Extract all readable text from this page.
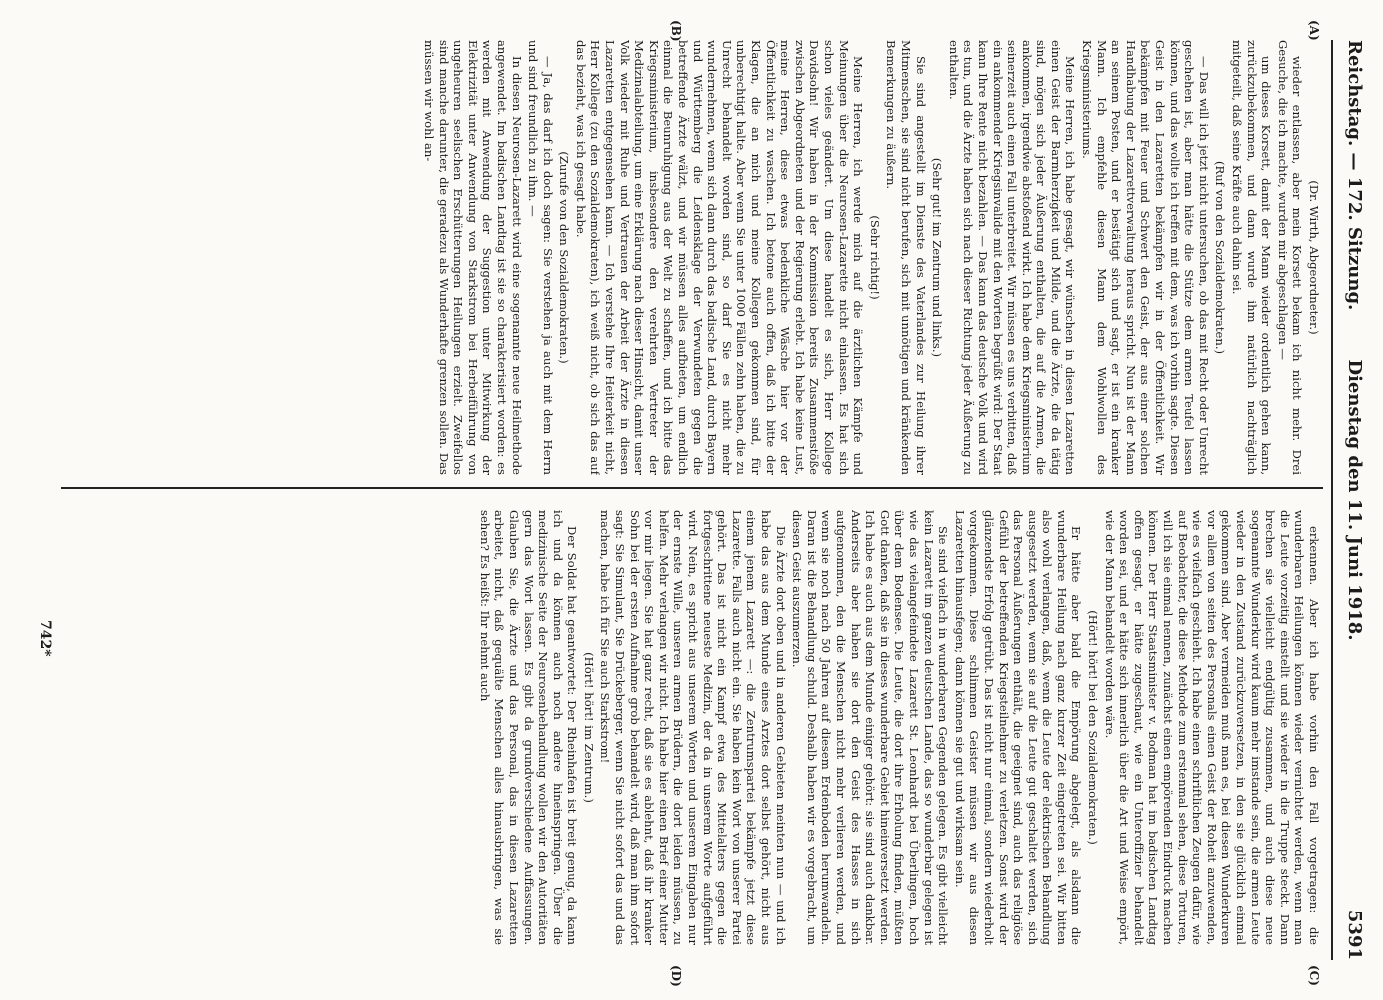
Reichstag. — 172. Sitzung.
Dienstag den 11. Juni 1918.
5391
(A)
(B)
(C)
(D)

(Dr. Wirth, Abgeordneter.)

wieder entlassen, aber mein Korsett bekam ich nicht mehr. Drei Gesuche, die ich machte, wurden mir abgeschlagen —

um dieses Korsett, damit der Mann wieder ordentlich gehen kann, zurückzubekommen, und dann wurde ihm natürlich nachträglich mitgeteilt, daß seine Kräfte auch dahin sei.

(Ruf von den Sozialdemokraten.)

— Das will ich jetzt nicht untersuchen, ob das mit Recht oder Unrecht geschehen ist, aber man hätte die Stütze dem armen Teufel lassen können, und das wollte ich treffen mit dem, was ich vorhin sagte. Diesen Geist in den Lazaretten bekämpfen wir in der Öffentlichkeit. Wir bekämpfen mit Feuer und Schwert den Geist, der aus einer solchen Handhabung der Lazarettverwaltung heraus spricht. Nun ist der Mann an seinem Posten, und er bestätigt sich und sagt, er ist ein kranker Mann. Ich empfehle diesen Mann dem Wohlwollen des Kriegsministeriums.

Meine Herren, ich habe gesagt, wir wünschen in diesen Lazaretten einen Geist der Barmherzigkeit und Milde, und die Ärzte, die da tätig sind, mögen sich jeder Äußerung enthalten, die auf die Armen, die ankommen, irgendwie abstoßend wirkt. Ich habe dem Kriegsministerium seinerzeit auch einen Fall unterbreitet. Wir müssen es uns verbitten, daß ein ankommender Kriegsinvalide mit den Worten begrüßt wird: Der Staat kann Ihre Rente nicht bezahlen. — Das kann das deutsche Volk und wird es tun, und die Ärzte haben sich nach dieser Richtung jeder Äußerung zu enthalten.

(Sehr gut! im Zentrum und links.)

Sie sind angestellt im Dienste des Vaterlandes zur Heilung ihrer Mitmenschen, sie sind nicht berufen, sich mit unnötigen und kränkenden Bemerkungen zu äußern.

(Sehr richtig!)

Meine Herren, ich werde mich auf die ärztlichen Kämpfe und Meinungen über die Neurosen-Lazarette nicht einlassen. Es hat sich schon vieles geändert. Um diese handelt es sich, Herr Kollege Davidsohn! Wir haben in der Kommission bereits Zusammenstöße zwischen Abgeordneten und der Regierung erlebt. Ich habe keine Lust, meine Herren, diese etwas bedenkliche Wäsche hier vor der Öffentlichkeit zu waschen. Ich betone auch offen, daß ich bitte der Klagen, die an mich und meine Kollegen gekommen sind, für unberechtigt halte. Aber wenn Sie unter 1000 Fällen zehn haben, die zu Unrecht behandelt worden sind, so darf Sie es nicht mehr wundernehmen, wenn sich dann durch das badische Land, durch Bayern und Württemberg die Leidensklage der Verwundeten gegen die betreffende Ärzte wälzt, und wir müssen alles aufbieten, um endlich einmal die Beunruhigung aus der Welt zu schaffen, und ich bitte das Kriegsministerium, insbesondere den verehrten Vertreter der Medizinalabteilung, um eine Erklärung nach dieser Hinsicht, damit unser Volk wieder mit Ruhe und Vertrauen der Arbeit der Ärzte in diesen Lazaretten entgegensehen kann. — Ich verstehe Ihre Heiterkeit nicht, Herr Kollege (zu den Sozialdemokraten), ich weiß nicht, ob sich das auf das bezieht, was ich gesagt habe.

(Zurufe von den Sozialdemokraten.)

— Ja, das darf ich doch sagen: Sie verstehen ja auch mit dem Herrn und sind freundlich zu ihm. —

In diesen Neurosen-Lazarett wird eine sogenannte neue Heilmethode angewendet. Im badischen Landtag ist sie so charakterisiert worden: es werden mit Anwendung der Suggestion unter Mitwirkung der Elektrizität unter Anwendung von Starkstrom bei Herbeiführung von ungeheuren seelischen Erschütterungen Heilungen erzielt. Zweifellos sind manche darunter, die geradezu als Wunderhafte grenzen sollen. Das müssen wir wohl an-

erkennen. Aber ich habe vorhin den Fall vorgetragen: die wunderbaren Heilungen können wieder vernichtet werden, wenn man die Leute vorzeitig einstellt und sie wieder in die Truppe steckt. Dann brechen sie vielleicht endgültig zusammen, und auch diese neue sogenannte Wunderkur wird kaum mehr imstande sein, die armen Leute wieder in den Zustand zurückzuversetzen, in den sie glücklich einmal gekommen sind. Aber vermeiden muß man es, bei diesen Wunderkuren vor allem von seiten des Personals einen Geist der Roheit anzuwenden, wie es vielfach geschieht. Ich habe einen schriftlichen Zeugen dafür, wie auf Beobachter, die diese Methode zum erstenmal sehen, diese Torturen, will ich sie einmal nennen, zunächst einen empörenden Eindruck machen können. Der Herr Staatsminister v. Bodman hat im badischen Landtag offen gesagt, er hätte zugeschaut, wie ein Unteroffizier behandelt worden sei, und er hätte sich innerlich über die Art und Weise empört, wie der Mann behandelt worden wäre.

(Hört! hört! bei den Sozialdemokraten.)

Er hätte aber bald die Empörung abgelegt, als alsdann die wunderbare Heilung nach ganz kurzer Zeit eingetreten sei. Wir bitten also wohl verlangen, daß, wenn die Leute der elektrischen Behandlung ausgesetzt werden, wenn sie auf die Leute gut geschaltet werden, sich das Personal Äußerungen enthält, die geeignet sind, auch das religiöse Gefühl der betreffenden Kriegsteilnehmer zu verletzen. Sonst wird der glänzendste Erfolg getrübt. Das ist nicht nur einmal, sondern wiederholt vorgekommen. Diese schlimmen Geister müssen wir aus diesen Lazaretten hinausfegen; dann können sie gut und wirksam sein.

Sie sind vielfach in wunderbaren Gegenden gelegen. Es gibt vielleicht kein Lazarett im ganzen deutschen Lande, das so wunderbar gelegen ist wie das vielangefeindete Lazarett St. Leonhardt bei Überlingen, hoch über dem Bodensee. Die Leute, die dort ihre Erholung finden, müßten Gott danken, daß sie in dieses wunderbare Gebiet hineinversetzt werden. Ich habe es auch aus dem Munde einiger gehört: sie sind auch dankbar. Anderseits aber haben sie dort den Geist des Hasses in sich aufgenommen, den die Menschen nicht mehr verlieren werden, und wenn sie noch nach 50 Jahren auf diesem Erdenboden herumwandeln. Daran ist die Behandlung schuld. Deshalb haben wir es vorgebracht, um diesen Geist auszumerzen.

Die Ärzte dort oben und in anderen Gebieten meinten nun — und ich habe das aus dem Munde eines Arztes dort selbst gehört, nicht aus einem jenem Lazarett —: die Zentrumspartei bekämpfe jetzt diese Lazarette. Falls auch nicht ein. Sie haben kein Wort von unserer Partei gehört. Das ist nicht ein Kampf etwa des Mittelalters gegen die fortgeschrittene neueste Medizin, der da in unserem Worte aufgeführt wird. Nein, es spricht aus unserem Worten und unserem Eingaben nur der ernste Wille, unseren armen Brüdern, die dort leiden müssen, zu helfen. Mehr verlangen wir nicht. Ich habe hier einen Brief einer Mutter vor mir liegen. Sie hat ganz recht, daß sie es ablehnt, daß ihr kranker Sohn bei der ersten Aufnahme grob behandelt wird, daß man ihm sofort sagt: Sie Simulant, Sie Drückeberger, wenn Sie nicht sofort das und das machen, habe ich für Sie auch Starkstrom!

(Hört! hört! im Zentrum.)

Der Soldat hat geantwortet: Der Rheinhafen ist breit genug, da kann ich und da können auch noch andere hineinspringen. Über die medizinische Seite der Neurosenbehandlung wollen wir den Autoritäten gern das Wort lassen. Es gibt da grundverschiedene Auffassungen. Glauben Sie, die Ärzte und das Personal, das in diesen Lazaretten arbeitet, nicht, daß gequälte Menschen alles hinausbringen, was sie sehen? Es heißt: Ihr nehmt auch

742*
